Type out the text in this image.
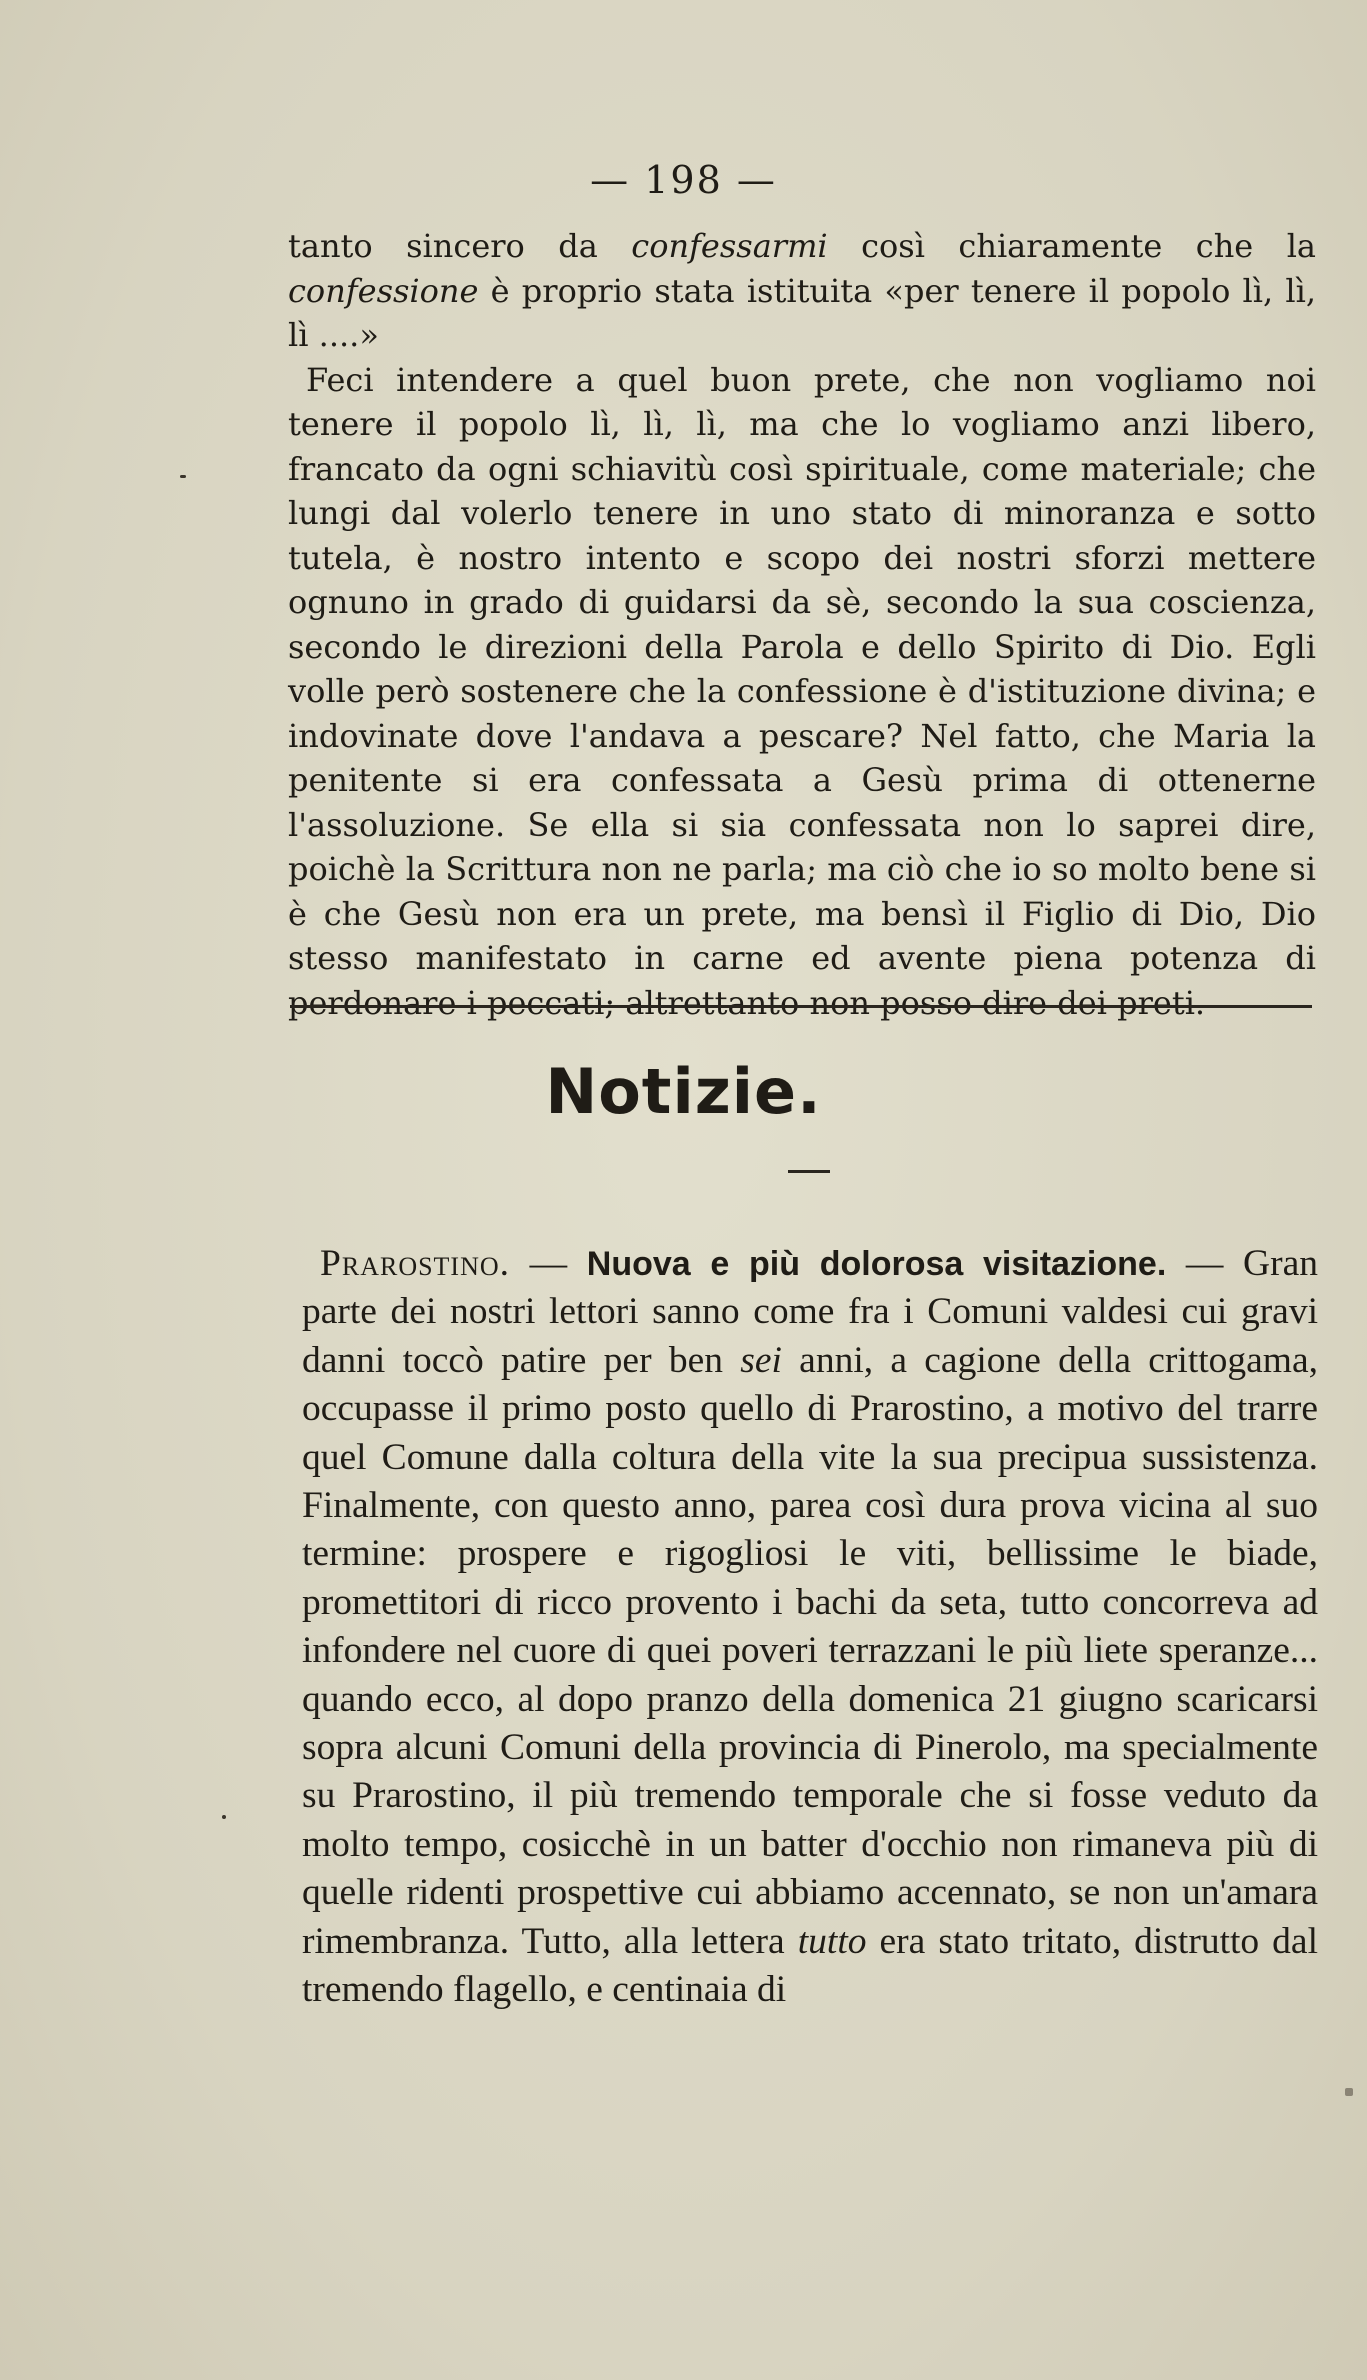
— 198 —

tanto sincero da confessarmi così chiaramente che la confessione è proprio stata istituita «per tenere il popolo lì, lì, lì ....»

Feci intendere a quel buon prete, che non vogliamo noi tenere il popolo lì, lì, lì, ma che lo vogliamo anzi libero, francato da ogni schiavitù così spirituale, come materiale; che lungi dal volerlo tenere in uno stato di minoranza e sotto tutela, è nostro intento e scopo dei nostri sforzi mettere ognuno in grado di guidarsi da sè, secondo la sua coscienza, secondo le direzioni della Parola e dello Spirito di Dio. Egli volle però sostenere che la confessione è d'istituzione divina; e indovinate dove l'andava a pescare? Nel fatto, che Maria la penitente si era confessata a Gesù prima di ottenerne l'assoluzione. Se ella si sia confessata non lo saprei dire, poichè la Scrittura non ne parla; ma ciò che io so molto bene si è che Gesù non era un prete, ma bensì il Figlio di Dio, Dio stesso manifestato in carne ed avente piena potenza di perdonare i peccati; altrettanto non posso dire dei preti.

Notizie.

Prarostino. — Nuova e più dolorosa visitazione. — Gran parte dei nostri lettori sanno come fra i Comuni valdesi cui gravi danni toccò patire per ben sei anni, a cagione della crittogama, occupasse il primo posto quello di Prarostino, a motivo del trarre quel Comune dalla coltura della vite la sua precipua sussistenza. Finalmente, con questo anno, parea così dura prova vicina al suo termine: prospere e rigogliosi le viti, bellissime le biade, promettitori di ricco provento i bachi da seta, tutto concorreva ad infondere nel cuore di quei poveri terrazzani le più liete speranze... quando ecco, al dopo pranzo della domenica 21 giugno scaricarsi sopra alcuni Comuni della provincia di Pinerolo, ma specialmente su Prarostino, il più tremendo temporale che si fosse veduto da molto tempo, cosicchè in un batter d'occhio non rimaneva più di quelle ridenti prospettive cui abbiamo accennato, se non un'amara rimembranza. Tutto, alla lettera tutto era stato tritato, distrutto dal tremendo flagello, e centinaia di
